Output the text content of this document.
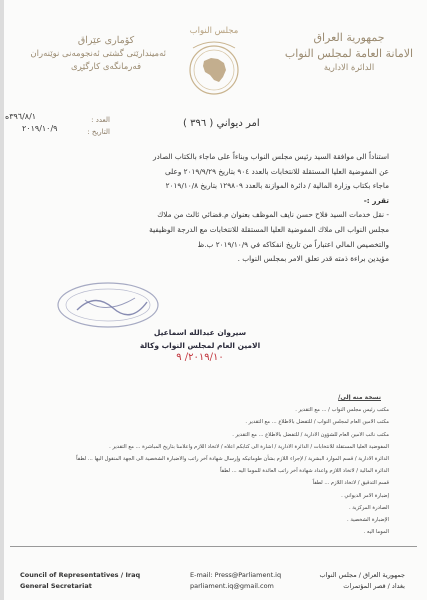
جمهورية العراق
الامانة العامة لمجلس النواب
الدائرة الادارية
كۆماری عێراق
ئەمیندارێتی گشتی ئەنجومەنی نوێنەران
فەرمانگەی کارگێڕی
مجلس النواب
٣٩٦/٨/١ه	العدد :
التاريخ :
٢٠١٩/١٠/٩	امر ديواني ( ٣٩٦ )

استناداً الى موافقة السيد رئيس مجلس النواب وبناءاً على ماجاء بالكتاب الصادر

عن المفوضية العليا المستقلة للانتخابات بالعدد ٩٠٤ بتاريخ ٢٠١٩/٩/٢٩ وعلى

ماجاء بكتاب وزارة المالية / دائرة الموازنة بالعدد ١٢٩٨٠٩ بتاريخ ٢٠١٩/١٠/٨

تقرر :-

- نقل خدمات السيد فلاح حسن نايف الموظف بعنوان م.فضائي ثالث من ملاك

مجلس النواب الى ملاك المفوضية العليا المستقلة للانتخابات مع الدرجة الوظيفية

والتخصيص المالي اعتباراً من تاريخ انفكاكه في ٢٠١٩/١٠/٩ ب.ظ

مؤيدين براءة ذمته قدر تعلق الامر بمجلس النواب .

سيروان عبدالله اسماعيل
الامين العام لمجلس النواب وكالة
٢٠١٩/١٠/ ٩
نسخة منه إلى/
مكتب رئيس مجلس النواب / ... مع التقدير .
مكتب الامين العام لمجلس النواب / للتفضل بالاطلاع ... مع التقدير .
مكتب نائب الامين العام للشؤون الادارية / للتفضل بالاطلاع ... مع التقدير .
المفوضية العليا المستقلة للانتخابات / الدائرة الادارية / اشارة الى كتابكم اعلاه / لاتخاذ اللازم واعلامنا بتاريخ المباشرة ... مع التقدير .
الدائرة الادارية / قسم الموارد البشرية / لإجراء اللازم بشأن طوماتيكه وإرسال شهادة آخر راتب والاضبارة الشخصية الى الجهة المنقول اليها ... لطفاً
الدائرة المالية / لاتخاذ اللازم واعداد شهادة آخر راتب العائدة للموما اليه ... لطفاً
قسم التدقيق / لاتخاذ اللازم ... لطفاً
إضبارة الامر الديواني .
الصادرة المركزية .
الإضبارة الشخصية .
الموما اليه .
Council of Representatives / Iraq
General Secretariat
E-mail: Press@Parliament.iq
parliament.iq@gmail.com
جمهورية العراق / مجلس النواب
بغداد / قصر المؤتمرات
